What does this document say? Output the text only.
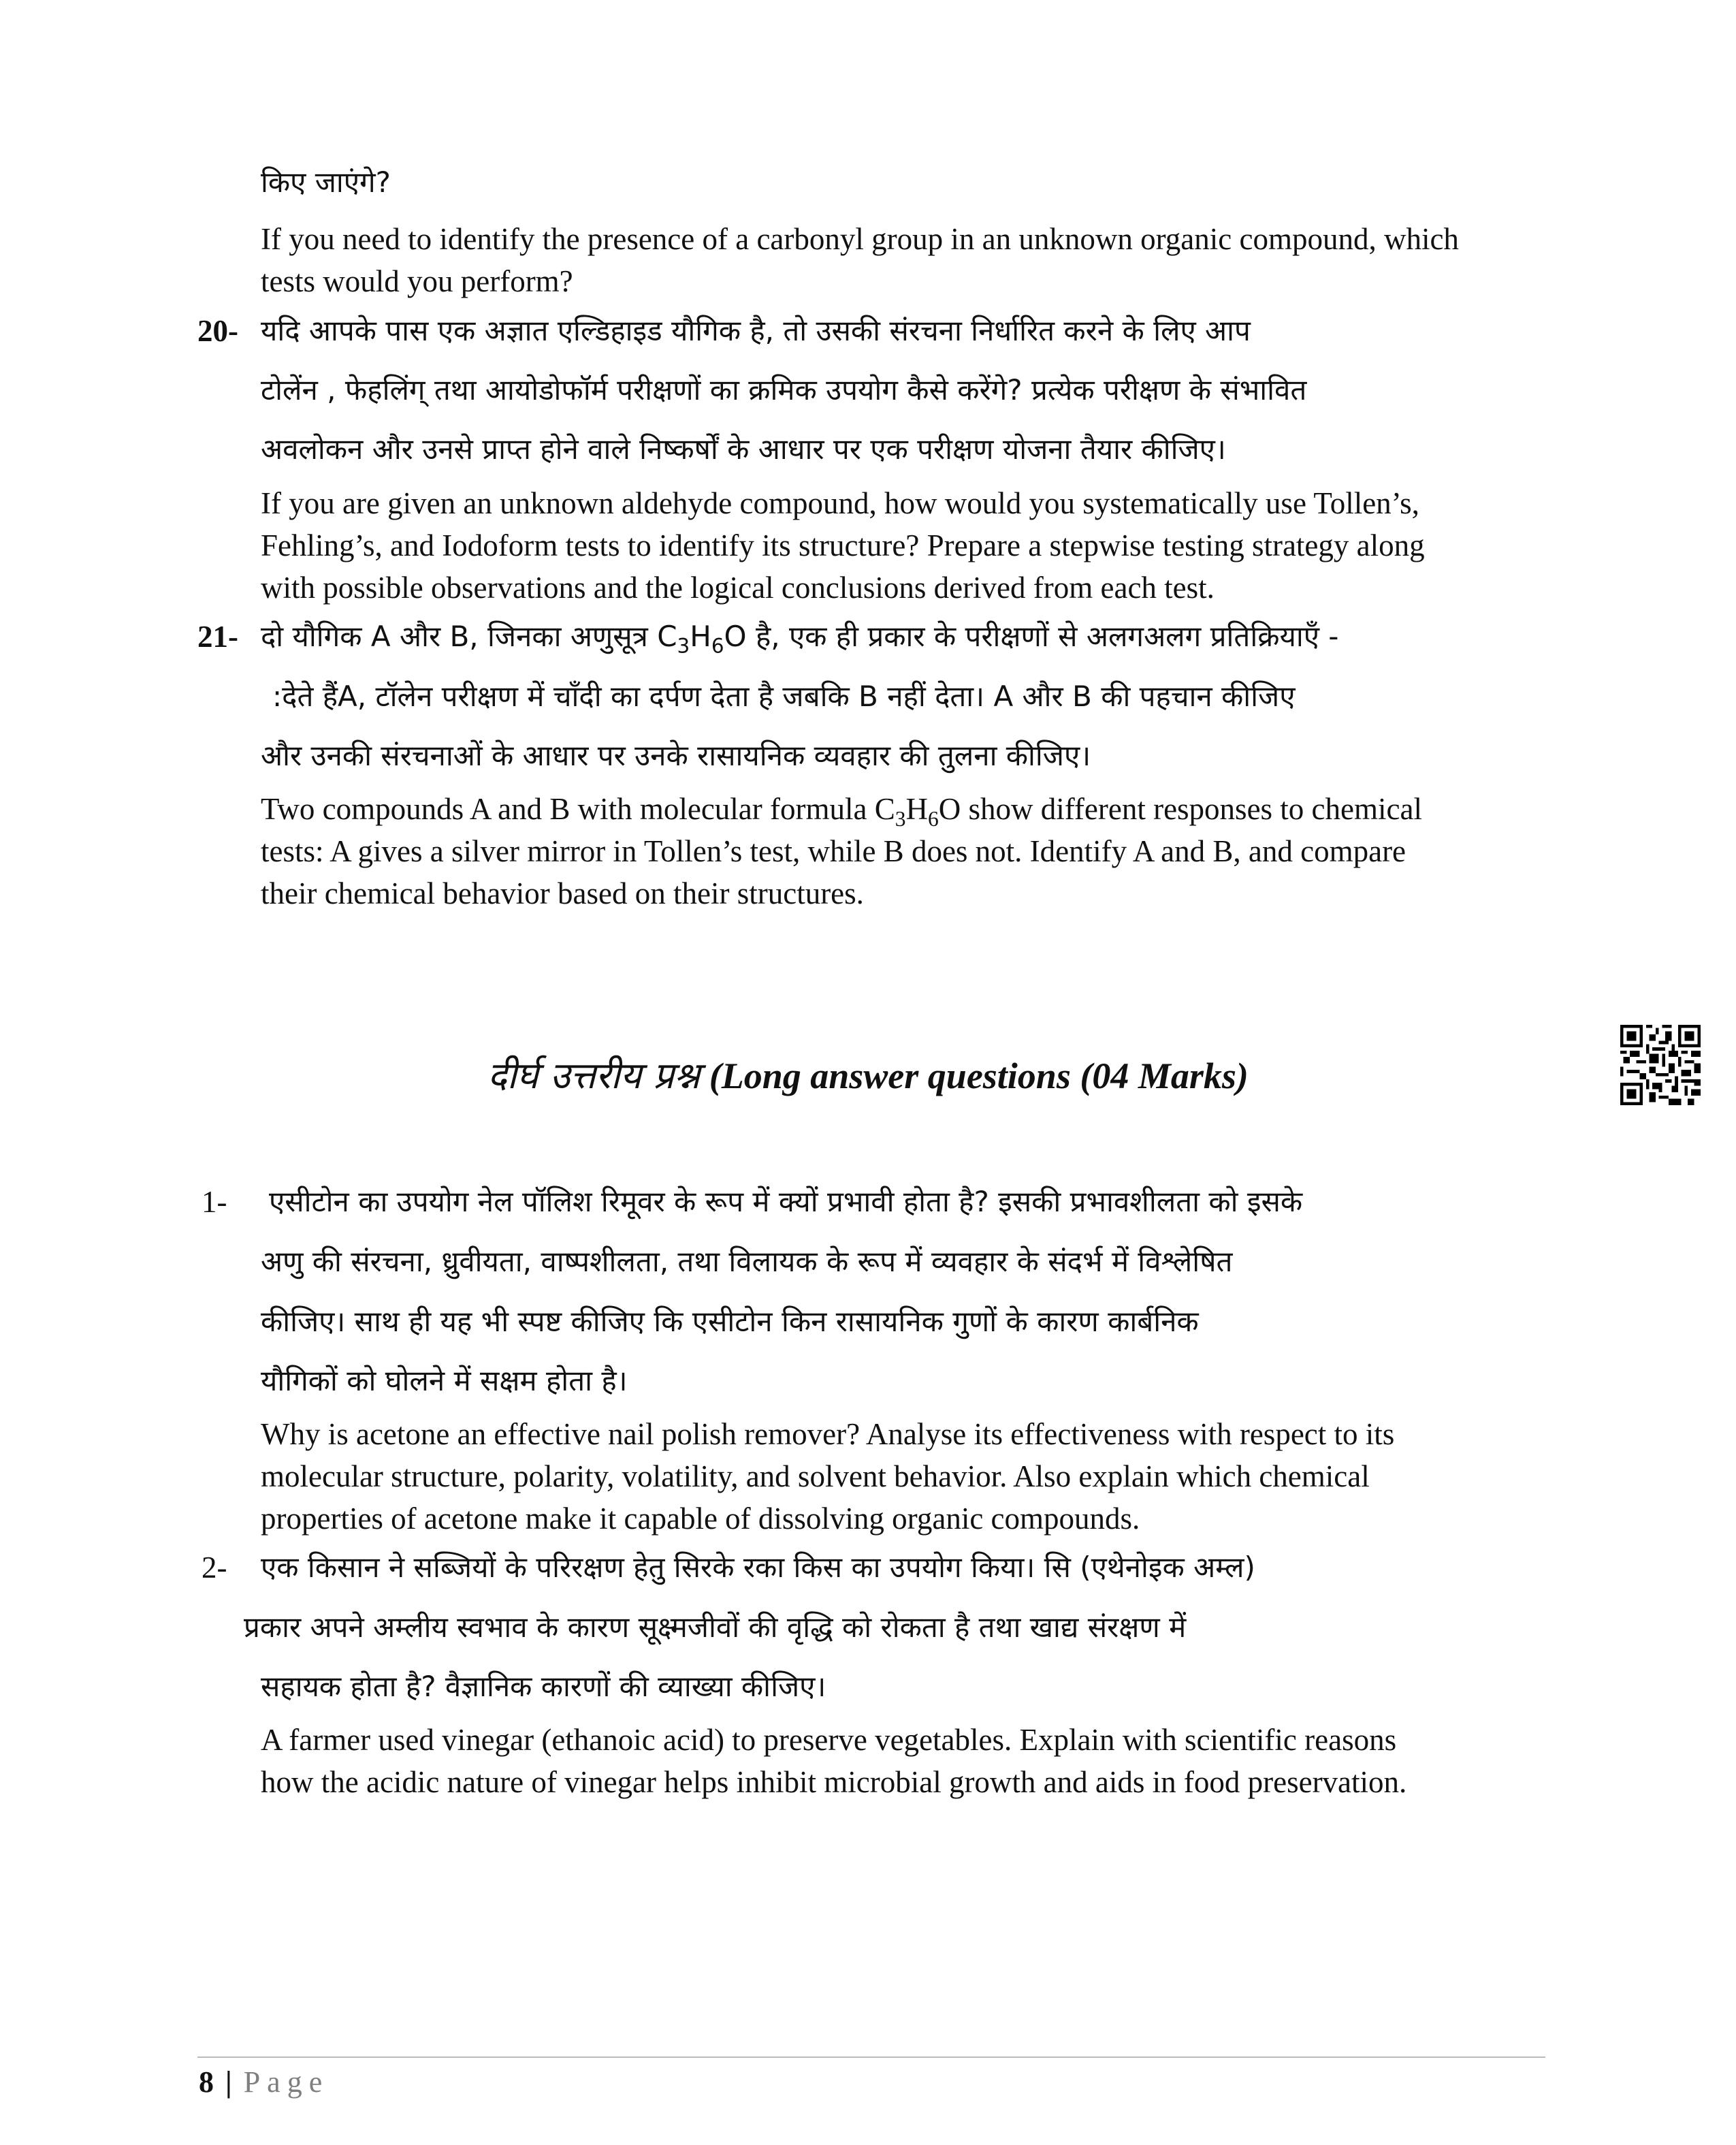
किए जाएंगे?
If you need to identify the presence of a carbonyl group in an unknown organic compound, which
tests would you perform?
20- यदि आपके पास एक अज्ञात एल्डिहाइड यौगिक है, तो उसकी संरचना निर्धारित करने के लिए आप
टोलेंन , फेहलिंग् तथा आयोडोफॉर्म परीक्षणों का क्रमिक उपयोग कैसे करेंगे? प्रत्येक परीक्षण के संभावित
अवलोकन और उनसे प्राप्त होने वाले निष्कर्षों के आधार पर एक परीक्षण योजना तैयार कीजिए।
If you are given an unknown aldehyde compound, how would you systematically use Tollen’s,
Fehling’s, and Iodoform tests to identify its structure? Prepare a stepwise testing strategy along
with possible observations and the logical conclusions derived from each test.
21- दो यौगिक A और B, जिनका अणुसूत्र $C_3H_6O$ है, एक ही प्रकार के परीक्षणों से अलगअलग प्रतिक्रियाएँ -
:देते हैंA, टॉलेन परीक्षण में चाँदी का दर्पण देता है जबकि B नहीं देता। A और B की पहचान कीजिए
और उनकी संरचनाओं के आधार पर उनके रासायनिक व्यवहार की तुलना कीजिए।
Two compounds A and B with molecular formula $C_3H_6O$ show different responses to chemical
tests: A gives a silver mirror in Tollen’s test, while B does not. Identify A and B, and compare
their chemical behavior based on their structures.
दीर्घ उत्तरीय प्रश्न (Long answer questions (04 Marks)
1- एसीटोन का उपयोग नेल पॉलिश रिमूवर के रूप में क्यों प्रभावी होता है? इसकी प्रभावशीलता को इसके
अणु की संरचना, ध्रुवीयता, वाष्पशीलता, तथा विलायक के रूप में व्यवहार के संदर्भ में विश्लेषित
कीजिए। साथ ही यह भी स्पष्ट कीजिए कि एसीटोन किन रासायनिक गुणों के कारण कार्बनिक
यौगिकों को घोलने में सक्षम होता है।
Why is acetone an effective nail polish remover? Analyse its effectiveness with respect to its
molecular structure, polarity, volatility, and solvent behavior. Also explain which chemical
properties of acetone make it capable of dissolving organic compounds.
2- एक किसान ने सब्जियों के परिरक्षण हेतु सिरके रका किस का उपयोग किया। सि (एथेनोइक अम्ल)
प्रकार अपने अम्लीय स्वभाव के कारण सूक्ष्मजीवों की वृद्धि को रोकता है तथा खाद्य संरक्षण में
सहायक होता है? वैज्ञानिक कारणों की व्याख्या कीजिए।
A farmer used vinegar (ethanoic acid) to preserve vegetables. Explain with scientific reasons
how the acidic nature of vinegar helps inhibit microbial growth and aids in food preservation.
8 | Page
